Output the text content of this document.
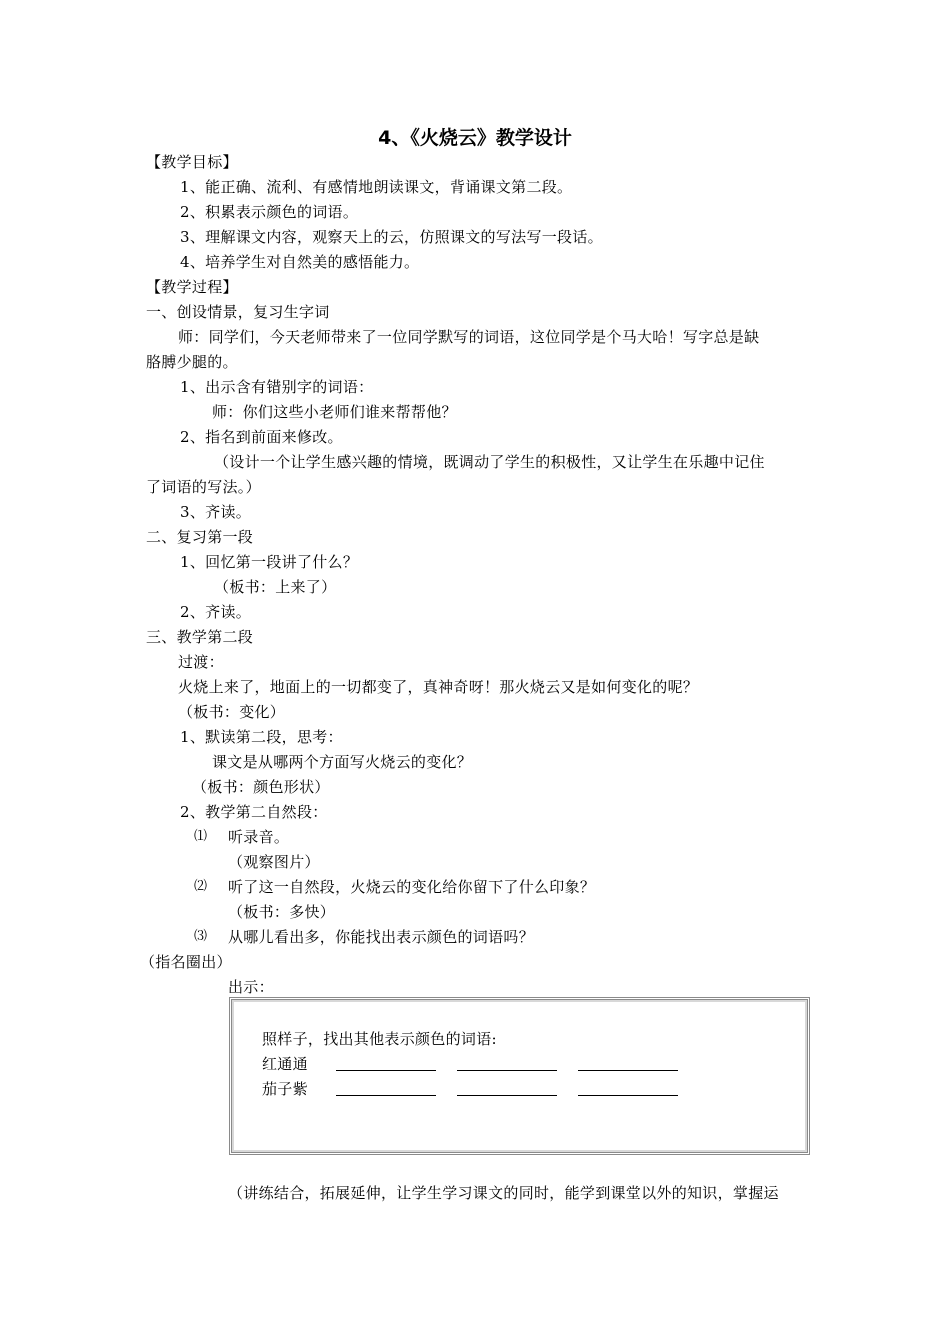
4、《火烧云》教学设计
【教学目标】
1、能正确、流利、有感情地朗读课文，背诵课文第二段。
2、积累表示颜色的词语。
3、理解课文内容，观察天上的云，仿照课文的写法写一段话。
4、培养学生对自然美的感悟能力。
【教学过程】
一、创设情景，复习生字词
师：同学们，今天老师带来了一位同学默写的词语，这位同学是个马大哈！写字总是缺
胳膊少腿的。
1、出示含有错别字的词语：
师：你们这些小老师们谁来帮帮他？
2、指名到前面来修改。
（设计一个让学生感兴趣的情境，既调动了学生的积极性，又让学生在乐趣中记住
了词语的写法。）
3、齐读。
二、复习第一段
1、回忆第一段讲了什么？
（板书：上来了）
2、齐读。
三、教学第二段
过渡：
火烧上来了，地面上的一切都变了，真神奇呀！那火烧云又是如何变化的呢？
（板书：变化）
1、默读第二段，思考：
课文是从哪两个方面写火烧云的变化？
（板书：颜色形状）
2、教学第二自然段：
⑴ 听录音。
（观察图片）
⑵ 听了这一自然段，火烧云的变化给你留下了什么印象？
（板书：多快）
⑶ 从哪儿看出多，你能找出表示颜色的词语吗？
（指名圈出）
出示：
照样子，找出其他表示颜色的词语:
红通通
茄子紫
（讲练结合，拓展延伸，让学生学习课文的同时，能学到课堂以外的知识，掌握运
